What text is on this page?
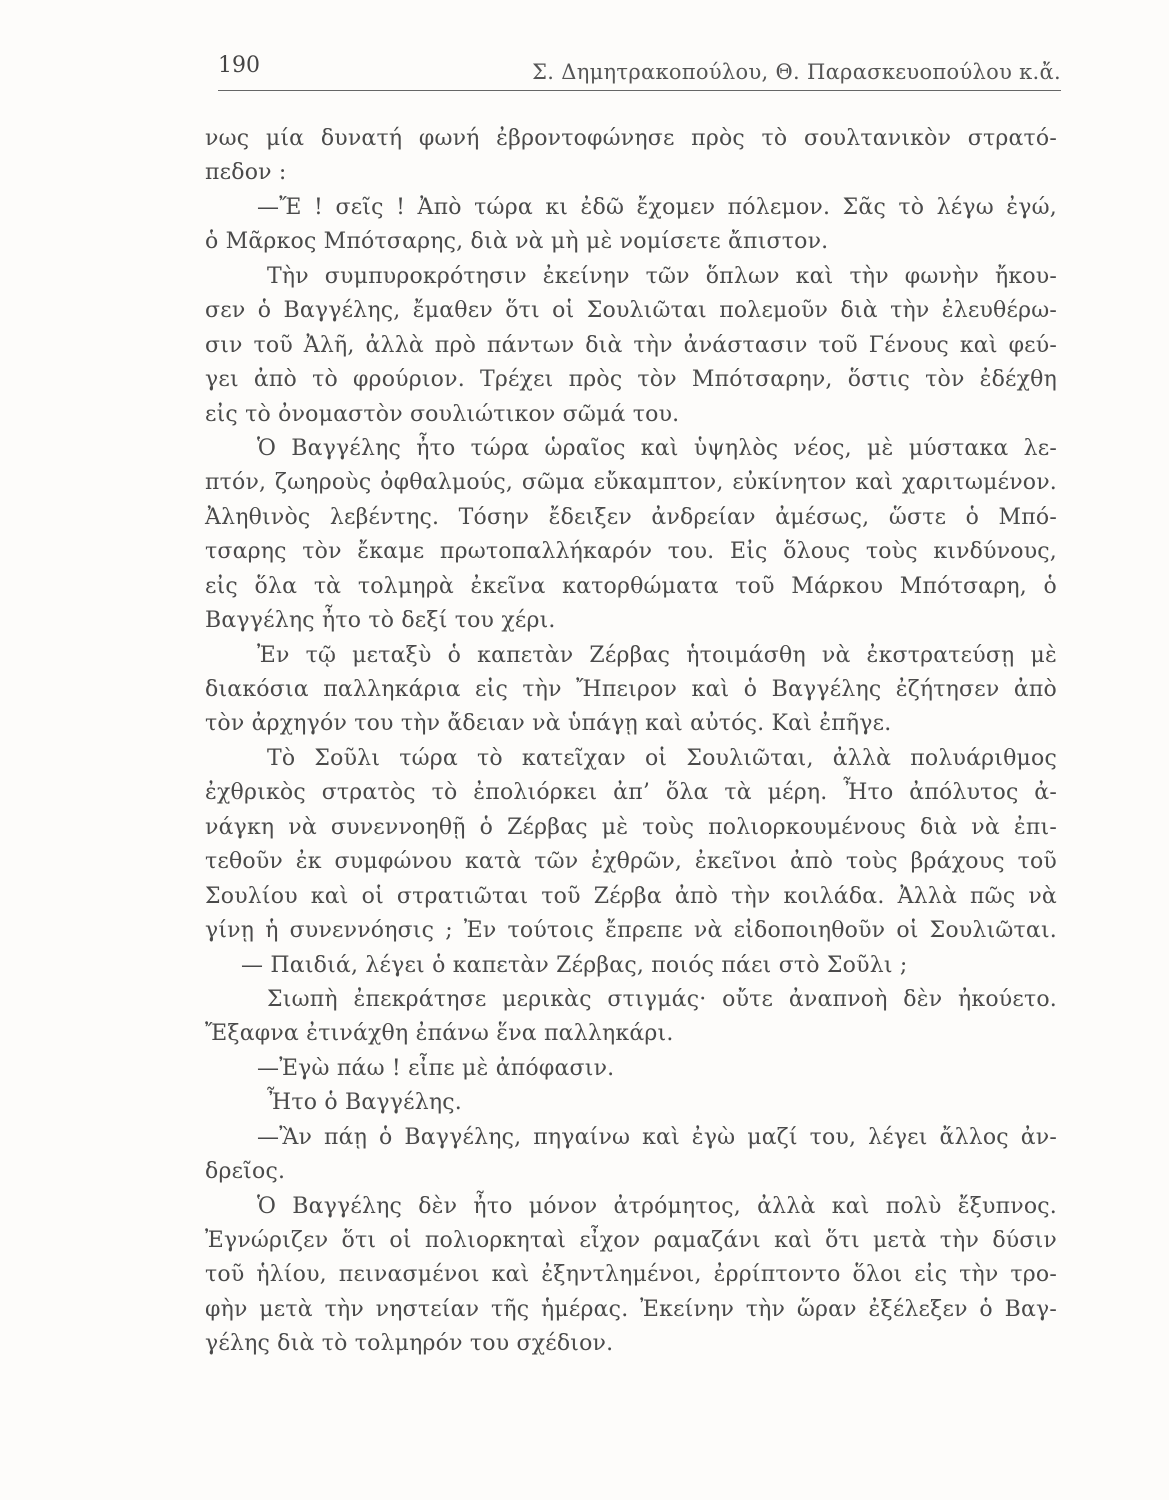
190	Σ. Δημητρακοπούλου, Θ. Παρασκευοπούλου κ.ἄ.
νως μία δυνατή φωνή ἐβροντοφώνησε πρὸς τὸ σουλτανικὸν στρατό-
πεδον :
—Ἔ ! σεῖς ! Ἀπὸ τώρα κι ἐδῶ ἔχομεν πόλεμον. Σᾶς τὸ λέγω ἐγώ,
ὁ Μᾶρκος Μπότσαρης, διὰ νὰ μὴ μὲ νομίσετε ἄπιστον.
Τὴν συμπυροκρότησιν ἐκείνην τῶν ὅπλων καὶ τὴν φωνὴν ἤκου-
σεν ὁ Βαγγέλης, ἔμαθεν ὅτι οἱ Σουλιῶται πολεμοῦν διὰ τὴν ἐλευθέρω-
σιν τοῦ Ἀλῆ, ἀλλὰ πρὸ πάντων διὰ τὴν ἀνάστασιν τοῦ Γένους καὶ φεύ-
γει ἀπὸ τὸ φρούριον. Τρέχει πρὸς τὸν Μπότσαρην, ὅστις τὸν ἐδέχθη
εἰς τὸ ὀνομαστὸν σουλιώτικον σῶμά του.
Ὁ Βαγγέλης ἦτο τώρα ὡραῖος καὶ ὑψηλὸς νέος, μὲ μύστακα λε-
πτόν, ζωηροὺς ὀφθαλμούς, σῶμα εὔκαμπτον, εὐκίνητον καὶ χαριτωμένον.
Ἀληθινὸς λεβέντης. Τόσην ἔδειξεν ἀνδρείαν ἀμέσως, ὥστε ὁ Μπό-
τσαρης τὸν ἔκαμε πρωτοπαλλήκαρόν του. Εἰς ὅλους τοὺς κινδύνους,
εἰς ὅλα τὰ τολμηρὰ ἐκεῖνα κατορθώματα τοῦ Μάρκου Μπότσαρη, ὁ
Βαγγέλης ἦτο τὸ δεξί του χέρι.
Ἐν τῷ μεταξὺ ὁ καπετὰν Ζέρβας ἡτοιμάσθη νὰ ἐκστρατεύσῃ μὲ
διακόσια παλληκάρια εἰς τὴν Ἤπειρον καὶ ὁ Βαγγέλης ἐζήτησεν ἀπὸ
τὸν ἀρχηγόν του τὴν ἄδειαν νὰ ὑπάγῃ καὶ αὐτός. Καὶ ἐπῆγε.
Τὸ Σοῦλι τώρα τὸ κατεῖχαν οἱ Σουλιῶται, ἀλλὰ πολυάριθμος
ἐχθρικὸς στρατὸς τὸ ἐπολιόρκει ἀπ’ ὅλα τὰ μέρη. Ἦτο ἀπόλυτος ἀ-
νάγκη νὰ συνεννοηθῇ ὁ Ζέρβας μὲ τοὺς πολιορκουμένους διὰ νὰ ἐπι-
τεθοῦν ἐκ συμφώνου κατὰ τῶν ἐχθρῶν, ἐκεῖνοι ἀπὸ τοὺς βράχους τοῦ
Σουλίου καὶ οἱ στρατιῶται τοῦ Ζέρβα ἀπὸ τὴν κοιλάδα. Ἀλλὰ πῶς νὰ
γίνῃ ἡ συνεννόησις ; Ἐν τούτοις ἔπρεπε νὰ εἰδοποιηθοῦν οἱ Σουλιῶται.
— Παιδιά, λέγει ὁ καπετὰν Ζέρβας, ποιός πάει στὸ Σοῦλι ;
Σιωπὴ ἐπεκράτησε μερικὰς στιγμάς· οὔτε ἀναπνοὴ δὲν ἠκούετο.
Ἔξαφνα ἐτινάχθη ἐπάνω ἕνα παλληκάρι.
—Ἐγὼ πάω ! εἶπε μὲ ἀπόφασιν.
Ἦτο ὁ Βαγγέλης.
—Ἂν πάῃ ὁ Βαγγέλης, πηγαίνω καὶ ἐγὼ μαζί του, λέγει ἄλλος ἀν-
δρεῖος.
Ὁ Βαγγέλης δὲν ἦτο μόνον ἀτρόμητος, ἀλλὰ καὶ πολὺ ἔξυπνος.
Ἐγνώριζεν ὅτι οἱ πολιορκηταὶ εἶχον ραμαζάνι καὶ ὅτι μετὰ τὴν δύσιν
τοῦ ἡλίου, πεινασμένοι καὶ ἐξηντλημένοι, ἐρρίπτοντο ὅλοι εἰς τὴν τρο-
φὴν μετὰ τὴν νηστείαν τῆς ἡμέρας. Ἐκείνην τὴν ὥραν ἐξέλεξεν ὁ Βαγ-
γέλης διὰ τὸ τολμηρόν του σχέδιον.
